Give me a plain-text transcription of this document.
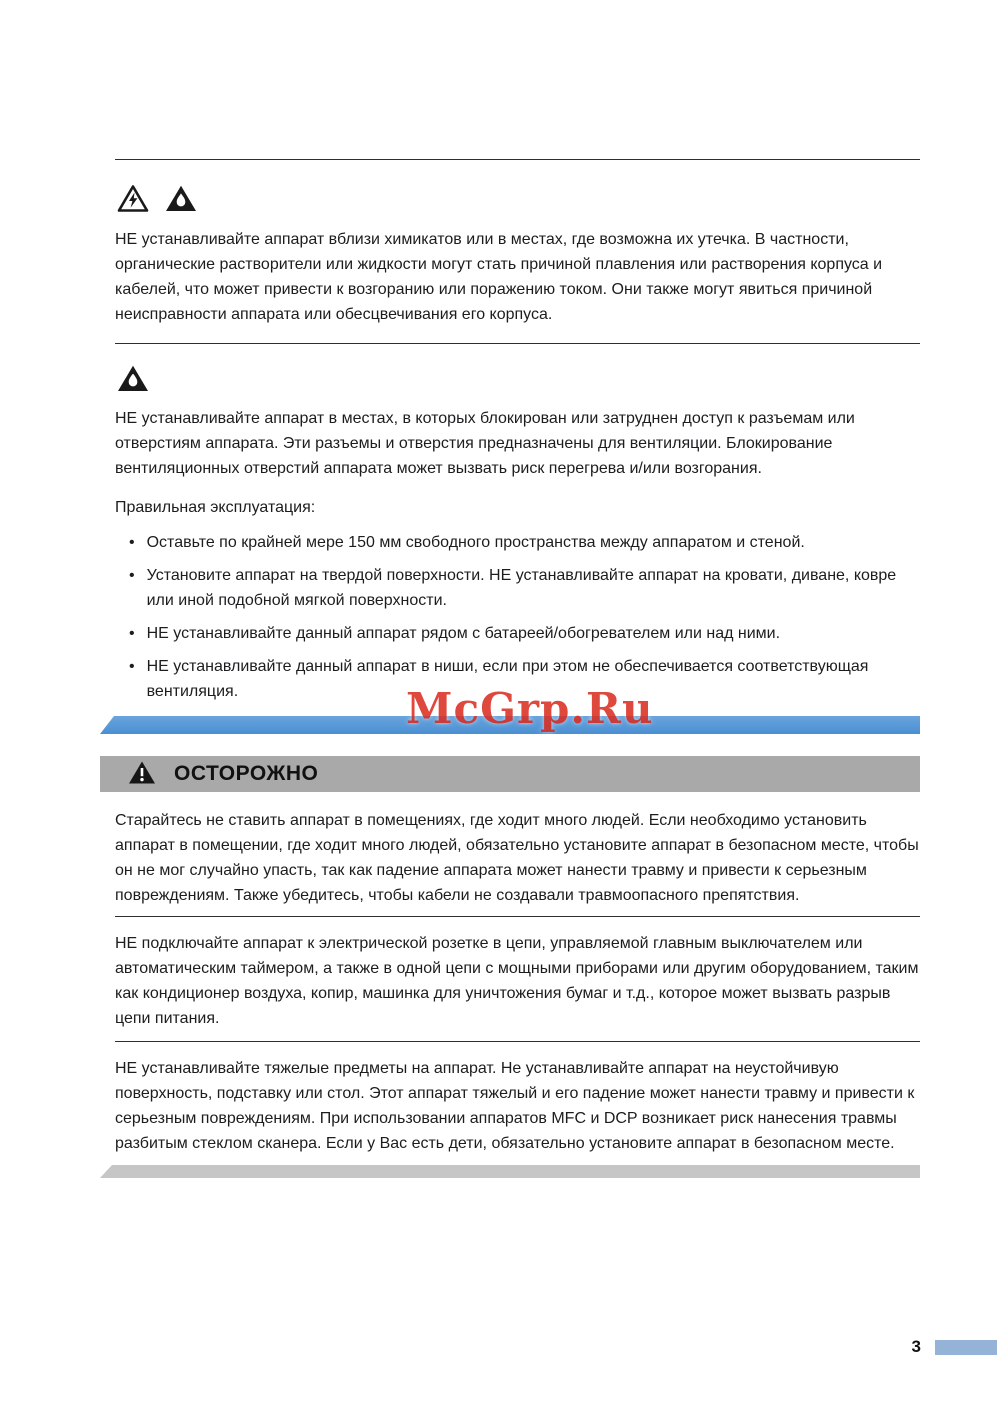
НЕ устанавливайте аппарат вблизи химикатов или в местах, где возможна их утечка. В частности, органические растворители или жидкости могут стать причиной плавления или растворения корпуса и кабелей, что может привести к возгоранию или поражению током. Они также могут явиться причиной неисправности аппарата или обесцвечивания его корпуса.

НЕ устанавливайте аппарат в местах, в которых блокирован или затруднен доступ к разъемам или отверстиям аппарата. Эти разъемы и отверстия предназначены для вентиляции. Блокирование вентиляционных отверстий аппарата может вызвать риск перегрева и/или возгорания.

Правильная эксплуатация:

• Оставьте по крайней мере 150 мм свободного пространства между аппаратом и стеной.
• Установите аппарат на твердой поверхности. НЕ устанавливайте аппарат на кровати, диване, ковре или иной подобной мягкой поверхности.
• НЕ устанавливайте данный аппарат рядом с батареей/обогревателем или над ними.
• НЕ устанавливайте данный аппарат в ниши, если при этом не обеспечивается соответствующая вентиляция.
ОСТОРОЖНО

Старайтесь не ставить аппарат в помещениях, где ходит много людей. Если необходимо установить аппарат в помещении, где ходит много людей, обязательно установите аппарат в безопасном месте, чтобы он не мог случайно упасть, так как падение аппарата может нанести травму и привести к серьезным повреждениям. Также убедитесь, чтобы кабели не создавали травмоопасного препятствия.

НЕ подключайте аппарат к электрической розетке в цепи, управляемой главным выключателем или автоматическим таймером, а также в одной цепи с мощными приборами или другим оборудованием, таким как кондиционер воздуха, копир, машинка для уничтожения бумаг и т.д., которое может вызвать разрыв цепи питания.

НЕ устанавливайте тяжелые предметы на аппарат. Не устанавливайте аппарат на неустойчивую поверхность, подставку или стол. Этот аппарат тяжелый и его падение может нанести травму и привести к серьезным повреждениям. При использовании аппаратов MFC и DCP возникает риск нанесения травмы разбитым стеклом сканера. Если у Вас есть дети, обязательно установите аппарат в безопасном месте.

3
McGrp.Ru
